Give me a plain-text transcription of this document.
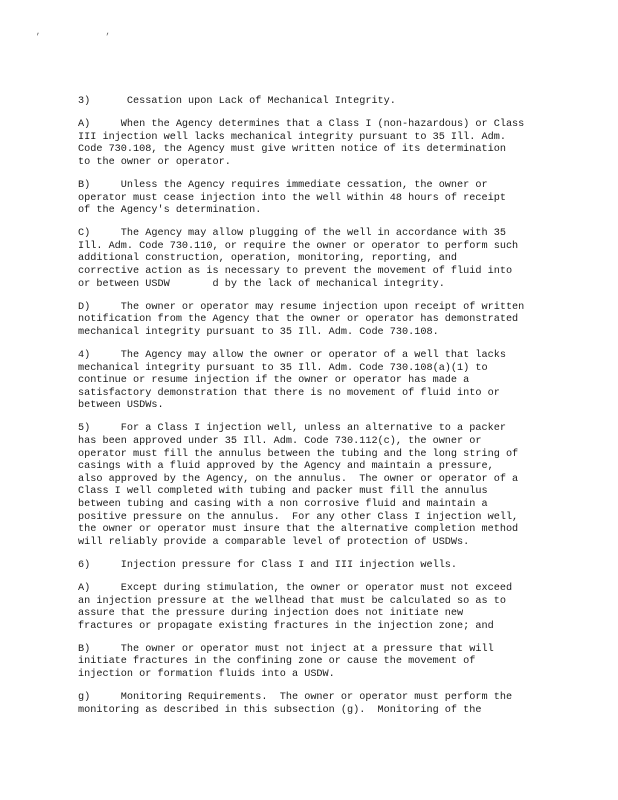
, ,
3)      Cessation upon Lack of Mechanical Integrity.
A)     When the Agency determines that a Class I (non-hazardous) or Class
III injection well lacks mechanical integrity pursuant to 35 Ill. Adm.
Code 730.108, the Agency must give written notice of its determination
to the owner or operator.
B)     Unless the Agency requires immediate cessation, the owner or
operator must cease injection into the well within 48 hours of receipt
of the Agency's determination.
C)     The Agency may allow plugging of the well in accordance with 35
Ill. Adm. Code 730.110, or require the owner or operator to perform such
additional construction, operation, monitoring, reporting, and
corrective action as is necessary to prevent the movement of fluid into
or between USDW       d by the lack of mechanical integrity.
D)     The owner or operator may resume injection upon receipt of written
notification from the Agency that the owner or operator has demonstrated
mechanical integrity pursuant to 35 Ill. Adm. Code 730.108.
4)     The Agency may allow the owner or operator of a well that lacks
mechanical integrity pursuant to 35 Ill. Adm. Code 730.108(a)(1) to
continue or resume injection if the owner or operator has made a
satisfactory demonstration that there is no movement of fluid into or
between USDWs.
5)     For a Class I injection well, unless an alternative to a packer
has been approved under 35 Ill. Adm. Code 730.112(c), the owner or
operator must fill the annulus between the tubing and the long string of
casings with a fluid approved by the Agency and maintain a pressure,
also approved by the Agency, on the annulus.  The owner or operator of a
Class I well completed with tubing and packer must fill the annulus
between tubing and casing with a non corrosive fluid and maintain a
positive pressure on the annulus.  For any other Class I injection well,
the owner or operator must insure that the alternative completion method
will reliably provide a comparable level of protection of USDWs.
6)     Injection pressure for Class I and III injection wells.
A)     Except during stimulation, the owner or operator must not exceed
an injection pressure at the wellhead that must be calculated so as to
assure that the pressure during injection does not initiate new
fractures or propagate existing fractures in the injection zone; and
B)     The owner or operator must not inject at a pressure that will
initiate fractures in the confining zone or cause the movement of
injection or formation fluids into a USDW.
g)     Monitoring Requirements.  The owner or operator must perform the
monitoring as described in this subsection (g).  Monitoring of the
